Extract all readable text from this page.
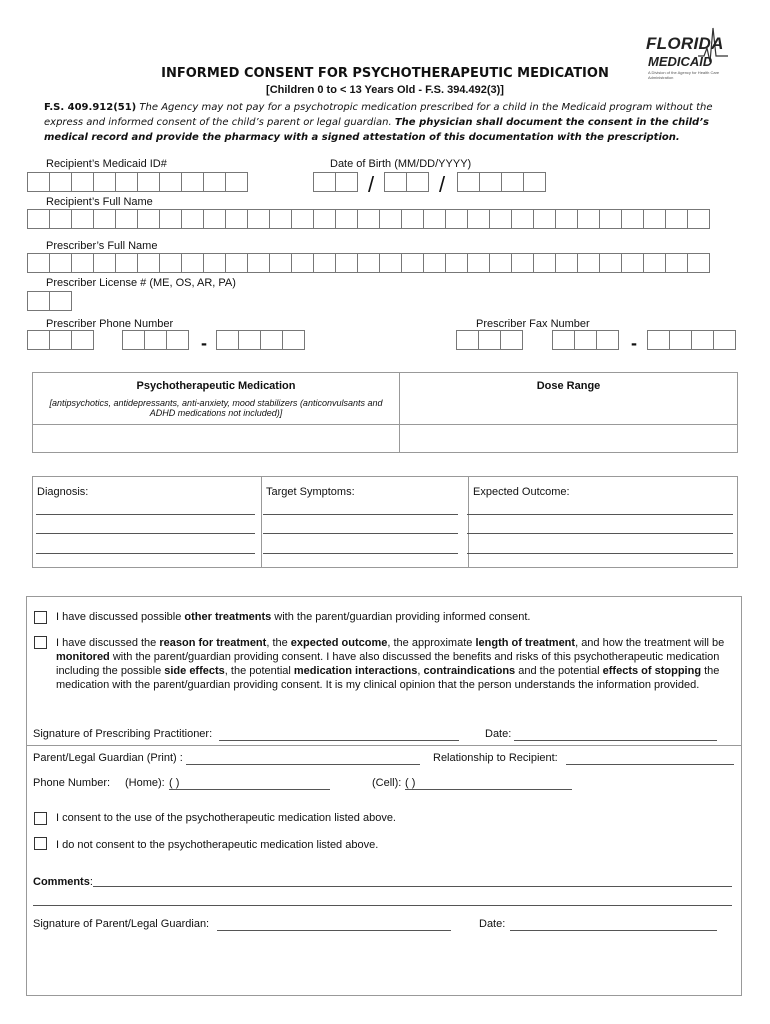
FLORIDA
MEDICAID
A Division of the Agency for Health Care Administration
INFORMED CONSENT FOR PSYCHOTHERAPEUTIC MEDICATION
[Children 0 to < 13 Years Old - F.S. 394.492(3)]
F.S. 409.912(51) The Agency may not pay for a psychotropic medication prescribed for a child in the Medicaid program without the express and informed consent of the child’s parent or legal guardian. The physician shall document the consent in the child’s medical record and provide the pharmacy with a signed attestation of this documentation with the prescription.
Recipient’s Medicaid ID#	Date of Birth (MM/DD/YYYY)
/	/
Recipient’s Full Name
Prescriber’s Full Name
Prescriber License # (ME, OS, AR, PA)
Prescriber Phone Number	Prescriber Fax Number
-	-
Psychotherapeutic Medication
[antipsychotics, antidepressants, anti-anxiety, mood stabilizers (anticonvulsants and ADHD medications not included)]	Dose Range

Diagnosis:	Target Symptoms:	Expected Outcome:
I have discussed possible other treatments with the parent/guardian providing informed consent.
I have discussed the reason for treatment, the expected outcome, the approximate length of treatment, and how the treatment will be monitored with the parent/guardian providing consent. I have also discussed the benefits and risks of this psychotherapeutic medication including the possible side effects, the potential medication interactions, contraindications and the potential effects of stopping the medication with the parent/guardian providing consent. It is my clinical opinion that the person understands the information provided.
Signature of Prescribing Practitioner:	Date:
Parent/Legal Guardian (Print) :	Relationship to Recipient:
Phone Number: (Home): ( )	(Cell): ( )
I consent to the use of the psychotherapeutic medication listed above.
I do not consent to the psychotherapeutic medication listed above.
Comments:
Signature of Parent/Legal Guardian:	Date:
